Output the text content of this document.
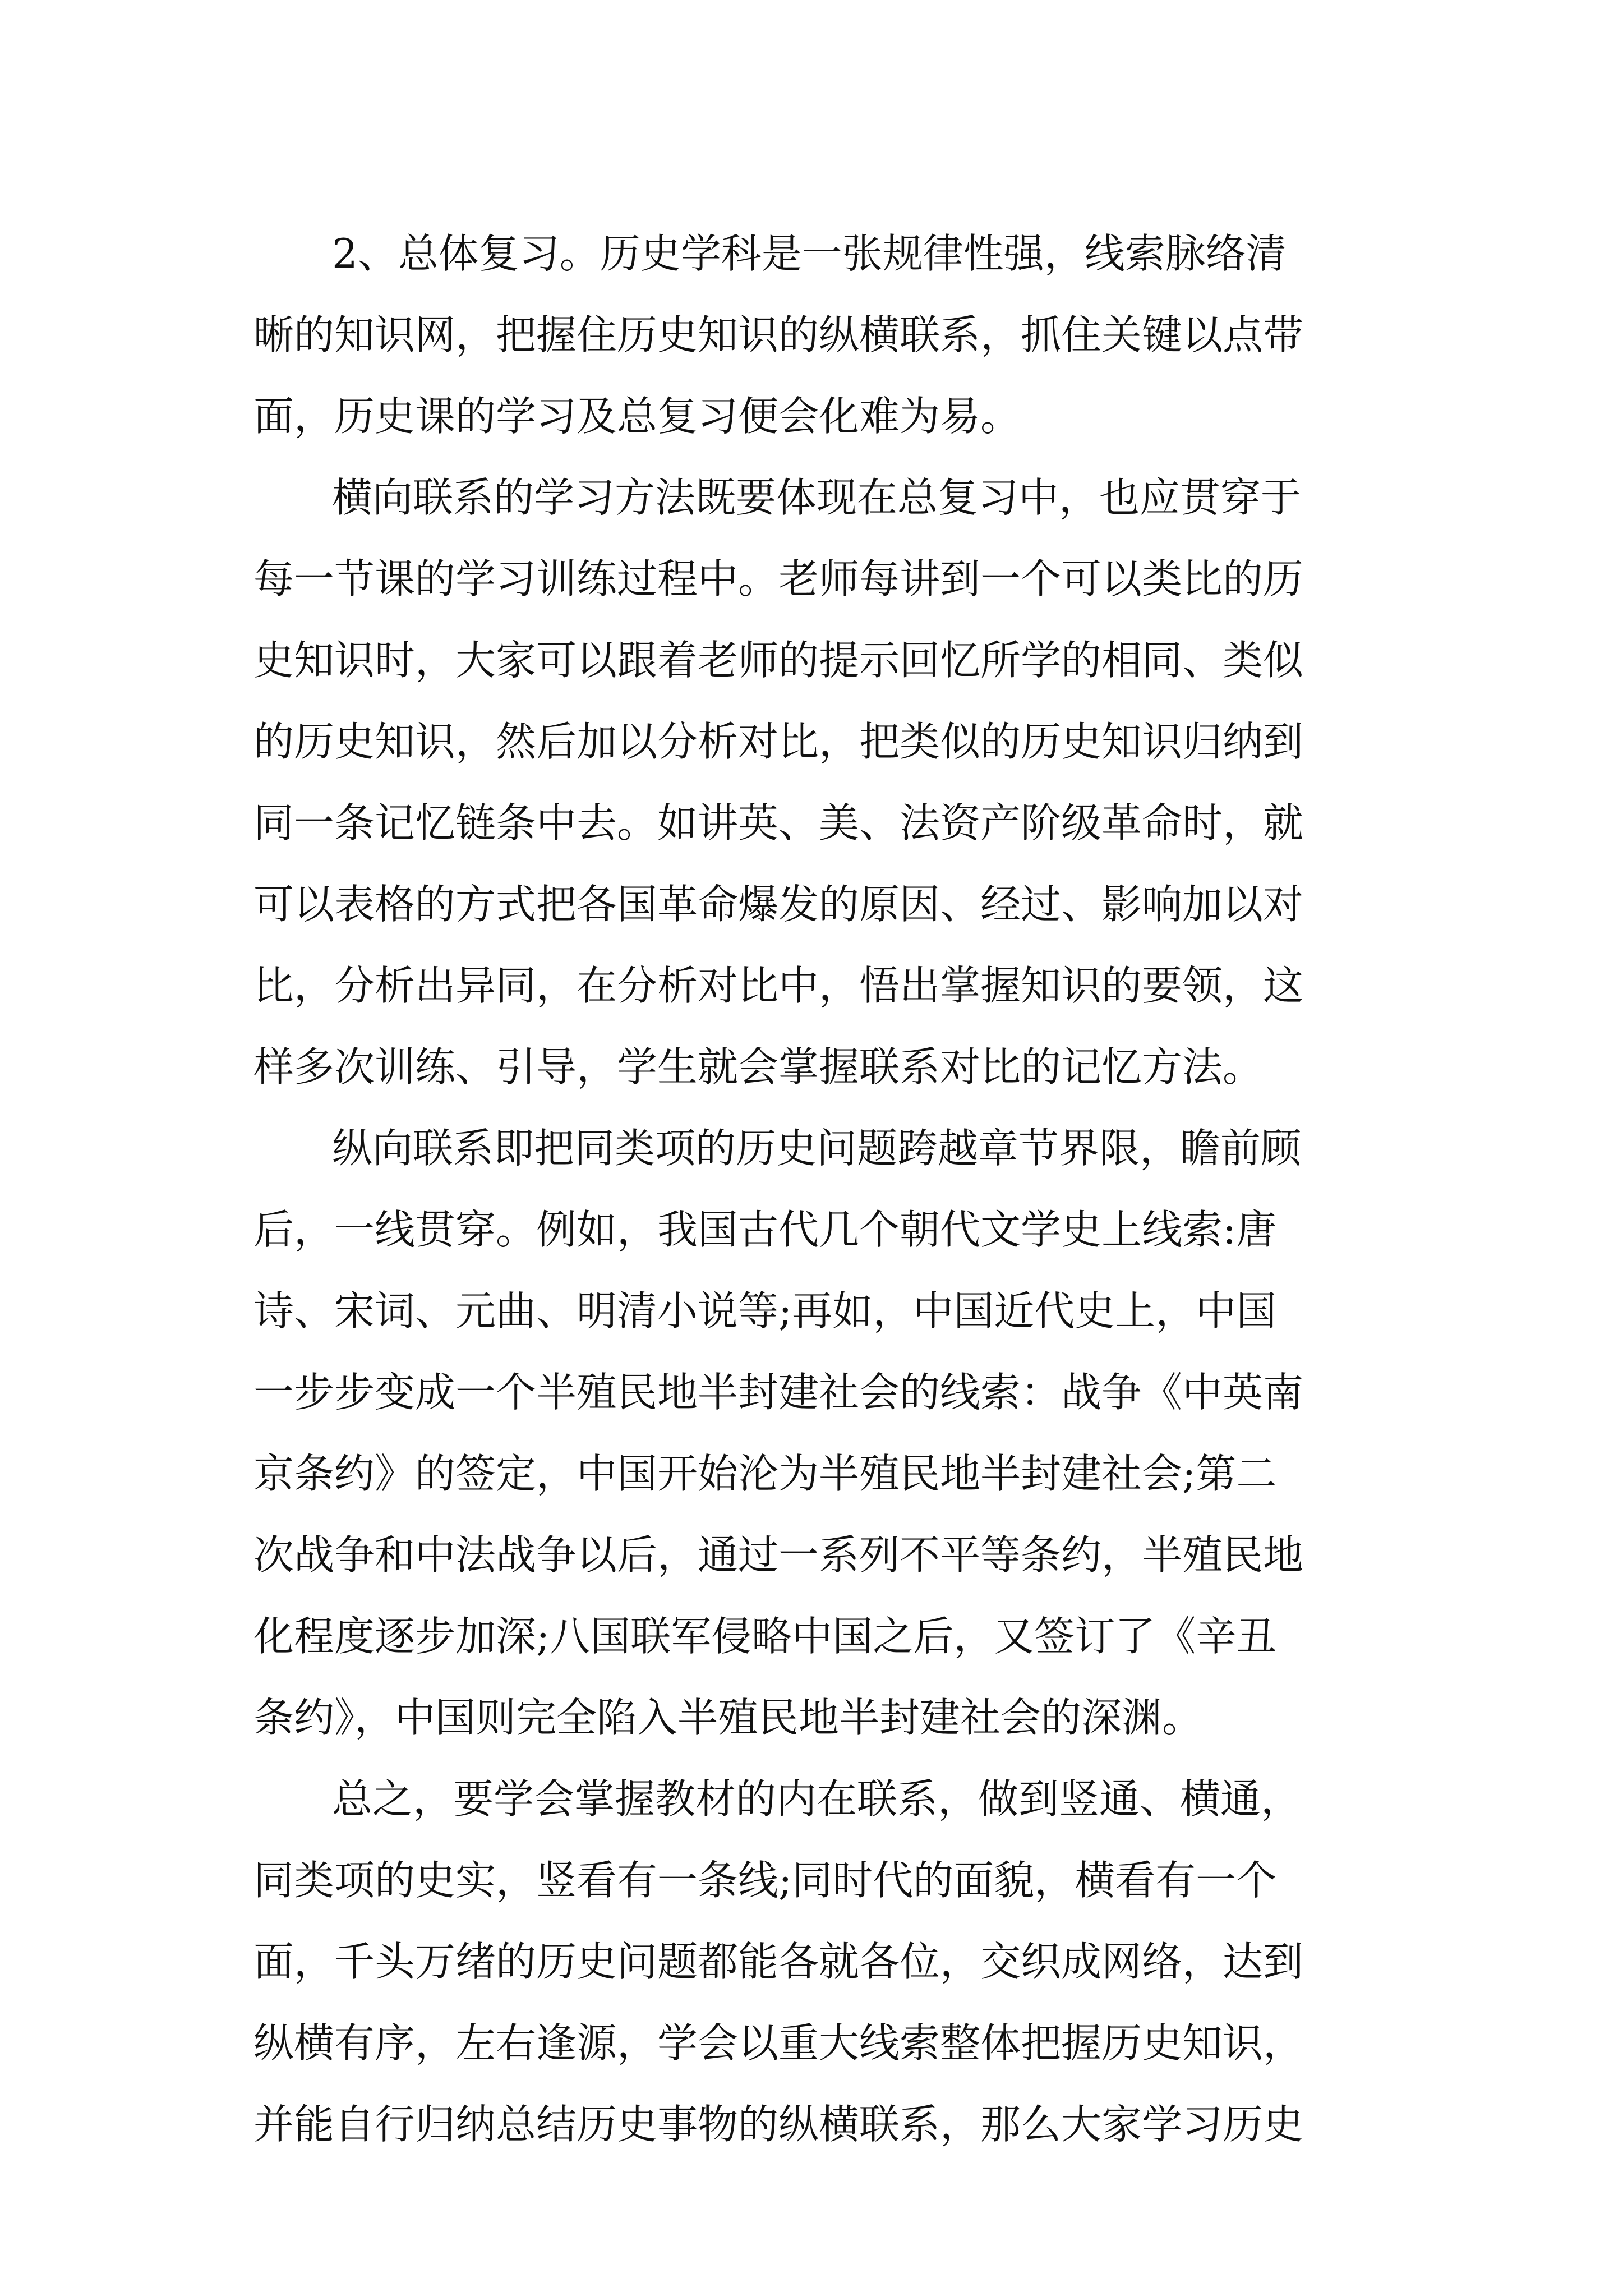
2、总体复习。历史学科是一张规律性强，线索脉络清
晰的知识网，把握住历史知识的纵横联系，抓住关键以点带
面，历史课的学习及总复习便会化难为易。
横向联系的学习方法既要体现在总复习中，也应贯穿于
每一节课的学习训练过程中。老师每讲到一个可以类比的历
史知识时，大家可以跟着老师的提示回忆所学的相同、类似
的历史知识，然后加以分析对比，把类似的历史知识归纳到
同一条记忆链条中去。如讲英、美、法资产阶级革命时，就
可以表格的方式把各国革命爆发的原因、经过、影响加以对
比，分析出异同，在分析对比中，悟出掌握知识的要领，这
样多次训练、引导，学生就会掌握联系对比的记忆方法。
纵向联系即把同类项的历史问题跨越章节界限，瞻前顾
后，一线贯穿。例如，我国古代几个朝代文学史上线索:唐
诗、宋词、元曲、明清小说等;再如，中国近代史上，中国
一步步变成一个半殖民地半封建社会的线索：战争《中英南
京条约》的签定，中国开始沦为半殖民地半封建社会;第二
次战争和中法战争以后，通过一系列不平等条约，半殖民地
化程度逐步加深;八国联军侵略中国之后，又签订了《辛丑
条约》，中国则完全陷入半殖民地半封建社会的深渊。
总之，要学会掌握教材的内在联系，做到竖通、横通，
同类项的史实，竖看有一条线;同时代的面貌，横看有一个
面，千头万绪的历史问题都能各就各位，交织成网络，达到
纵横有序，左右逢源，学会以重大线索整体把握历史知识，
并能自行归纳总结历史事物的纵横联系，那么大家学习历史
